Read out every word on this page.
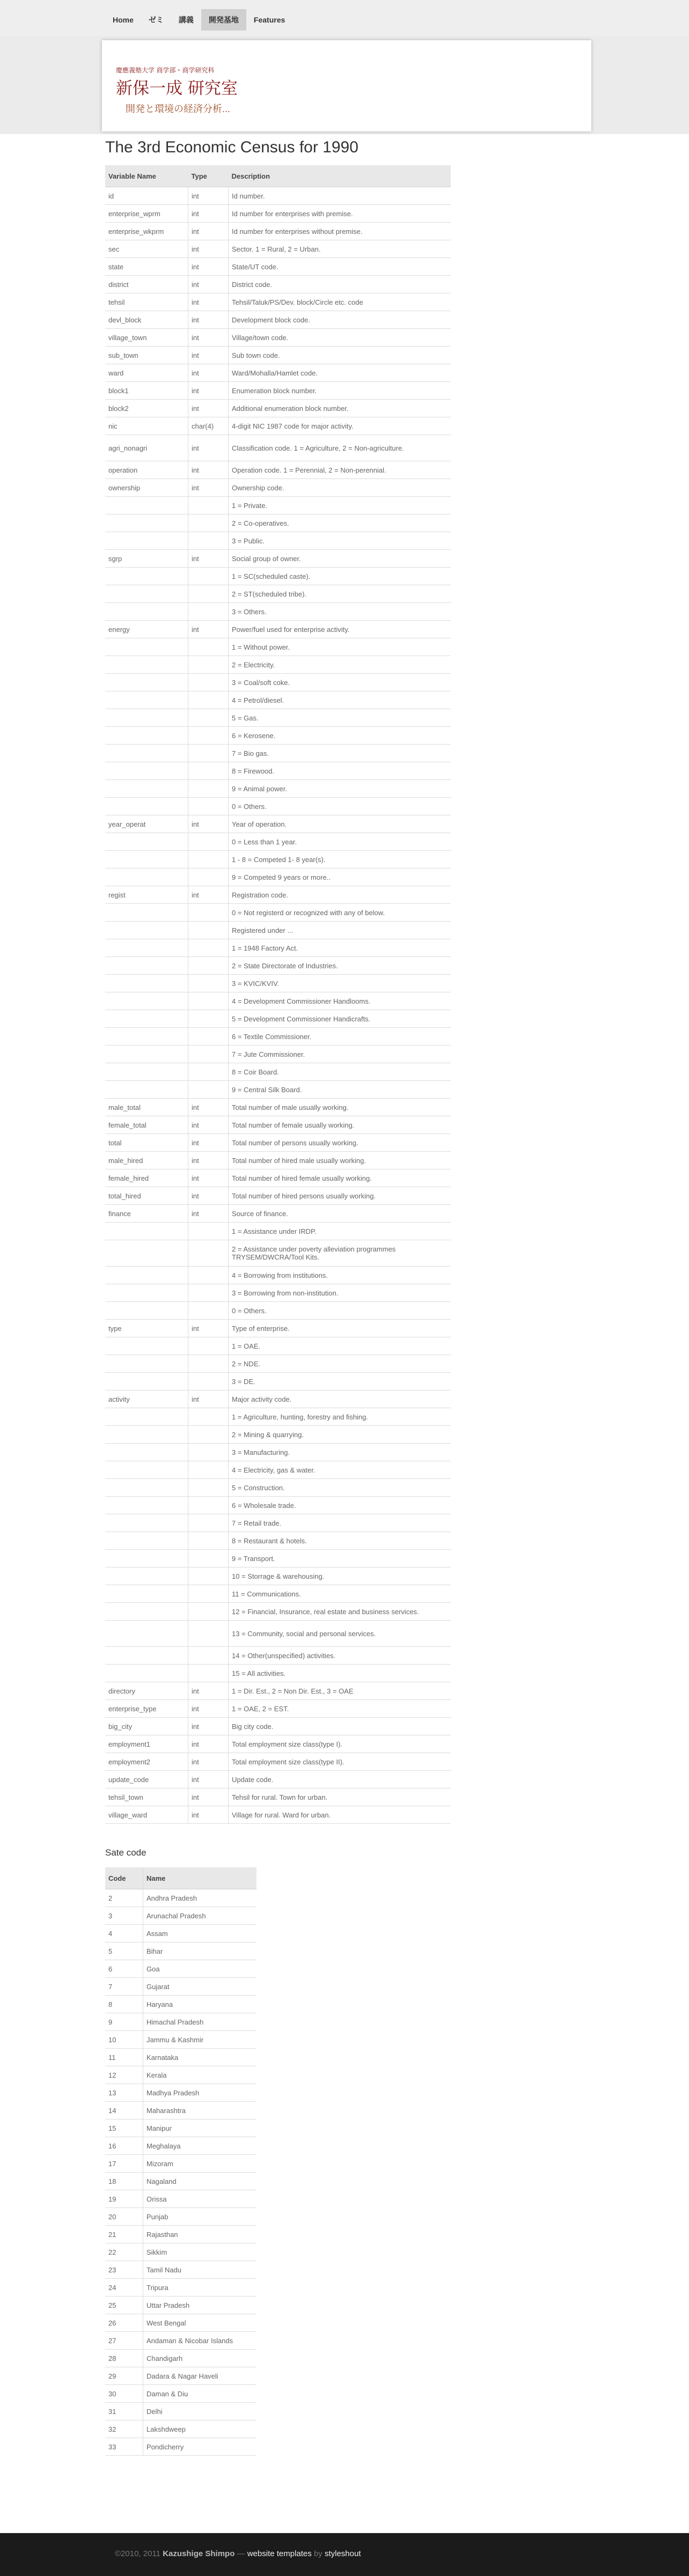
Home	ゼミ	講義	開発基地	Features
慶應義塾大学 商学部・商学研究科
新保一成 研究室
開発と環境の経済分析...
The 3rd Economic Census for 1990
Variable Name	Type	Description
id	int	Id number.
enterprise_wprm	int	Id number for enterprises with premise.
enterprise_wkprm	int	Id number for enterprises without premise.
sec	int	Sector. 1 = Rural, 2 = Urban.
state	int	State/UT code.
district	int	District code.
tehsil	int	Tehsil/Taluk/PS/Dev. block/Circle etc. code
devl_block	int	Development block code.
village_town	int	Village/town code.
sub_town	int	Sub town code.
ward	int	Ward/Mohalla/Hamlet code.
block1	int	Enumeration block number.
block2	int	Additional enumeration block number.
nic	char(4)	4-digit NIC 1987 code for major activity.
agri_nonagri	int	Classification code. 1 = Agriculture, 2 = Non-agriculture.
operation	int	Operation code. 1 = Perennial, 2 = Non-perennial.
ownership	int	Ownership code.
		1 = Private.
		2 = Co-operatives.
		3 = Public.
sgrp	int	Social group of owner.
		1 = SC(scheduled caste).
		2 = ST(scheduled tribe).
		3 = Others.
energy	int	Power/fuel used for enterprise activity.
		1 = Without power.
		2 = Electricity.
		3 = Coal/soft coke.
		4 = Petrol/diesel.
		5 = Gas.
		6 = Kerosene.
		7 = Bio gas.
		8 = Firewood.
		9 = Animal power.
		0 = Others.
year_operat	int	Year of operation.
		0 = Less than 1 year.
		1 - 8 = Competed 1- 8 year(s).
		9 = Competed 9 years or more..
regist	int	Registration code.
		0 = Not registerd or recognized with any of below.
		Registered under ...
		1 = 1948 Factory Act.
		2 = State Directorate of Industries.
		3 = KVIC/KVIV.
		4 = Development Commissioner Handlooms.
		5 = Development Commissioner Handicrafts.
		6 = Textile Commissioner.
		7 = Jute Commissioner.
		8 = Coir Board.
		9 = Central Silk Board.
male_total	int	Total number of male usually working.
female_total	int	Total number of female usually working.
total	int	Total number of persons usually working.
male_hired	int	Total number of hired male usually working.
female_hired	int	Total number of hired female usually working.
total_hired	int	Total number of hired persons usually working.
finance	int	Source of finance.
		1 = Assistance under IRDP.
		2 = Assistance under poverty alleviation programmes TRYSEM/DWCRA/Tool Kits.
		4 = Borrowing from institutions.
		3 = Borrowing from non-institution.
		0 = Others.
type	int	Type of enterprise.
		1 = OAE.
		2 = NDE.
		3 = DE.
activity	int	Major activity code.
		1 = Agriculture, hunting, forestry and fishing.
		2 = Mining & quarrying.
		3 = Manufacturing.
		4 = Electricity, gas & water.
		5 = Construction.
		6 = Wholesale trade.
		7 = Retail trade.
		8 = Restaurant & hotels.
		9 = Transport.
		10 = Storrage & warehousing.
		11 = Communications.
		12 = Financial, Insurance, real estate and business services.
		13 = Community, social and personal services.
		14 = Other(unspecified) activities.
		15 = All activities.
directory	int	1 = Dir. Est., 2 = Non Dir. Est., 3 = OAE
enterprise_type	int	1 = OAE, 2 = EST.
big_city	int	Big city code.
employment1	int	Total employment size class(type I).
employment2	int	Total employment size class(type II).
update_code	int	Update code.
tehsil_town	int	Tehsil for rural. Town for urban.
village_ward	int	Village for rural. Ward for urban.
Sate code
Code	Name
2	Andhra Pradesh
3	Arunachal Pradesh
4	Assam
5	Bihar
6	Goa
7	Gujarat
8	Haryana
9	Himachal Pradesh
10	Jammu & Kashmir
11	Karnataka
12	Kerala
13	Madhya Pradesh
14	Maharashtra
15	Manipur
16	Meghalaya
17	Mizoram
18	Nagaland
19	Orissa
20	Punjab
21	Rajasthan
22	Sikkim
23	Tamil Nadu
24	Tripura
25	Uttar Pradesh
26	West Bengal
27	Andaman & Nicobar Islands
28	Chandigarh
29	Dadara & Nagar Haveli
30	Daman & Diu
31	Delhi
32	Lakshdweep
33	Pondicherry
©2010, 2011 Kazushige Shimpo — website templates by styleshout
